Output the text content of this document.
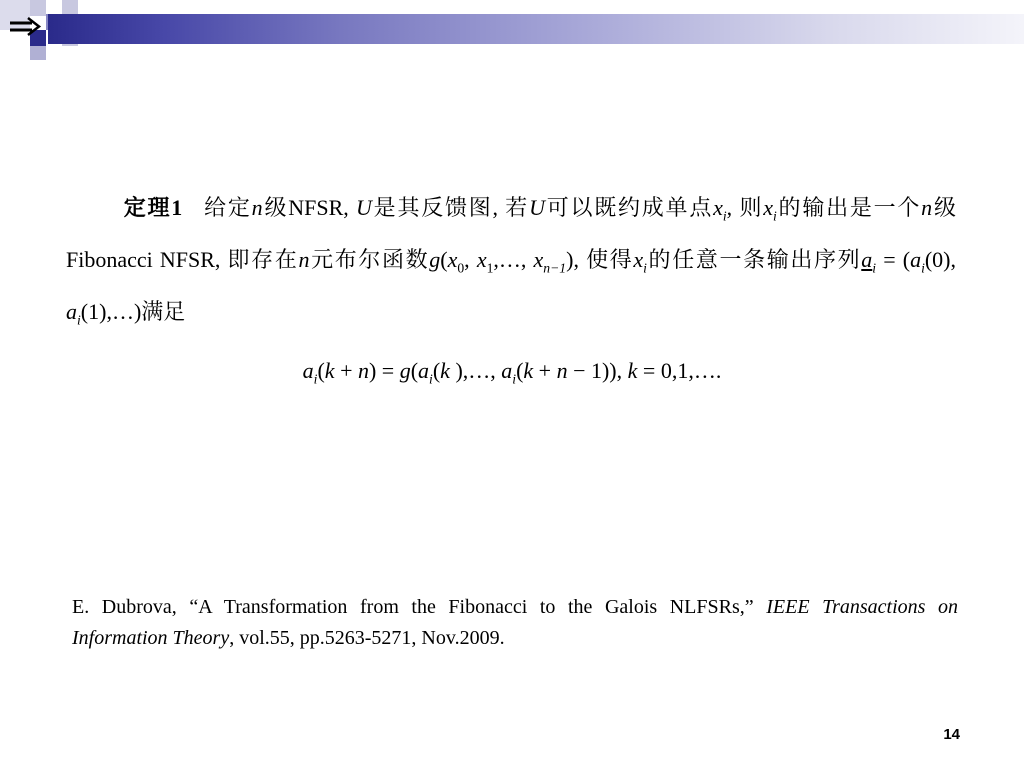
定理1 给定n级NFSR, U是其反馈图, 若U可以既约成单点$x_i$, 则$x_i$的输出是一个n级Fibonacci NFSR, 即存在n元布尔函数$g(x_0$, $x_1,\dots$, $x_{n-1}$), 使得$x_i$的任意一条输出序列$a_i = (a_i(0)$, $a_i(1),\dots$)满足

$a_i(k + n) = g(a_i(k$ ),…, $a_i(k + n - 1)$), k = 0,1,….
E. Dubrova, “A Transformation from the Fibonacci to the Galois NLFSRs,” IEEE Transactions on Information Theory, vol.55, pp.5263-5271, Nov.2009.
14
